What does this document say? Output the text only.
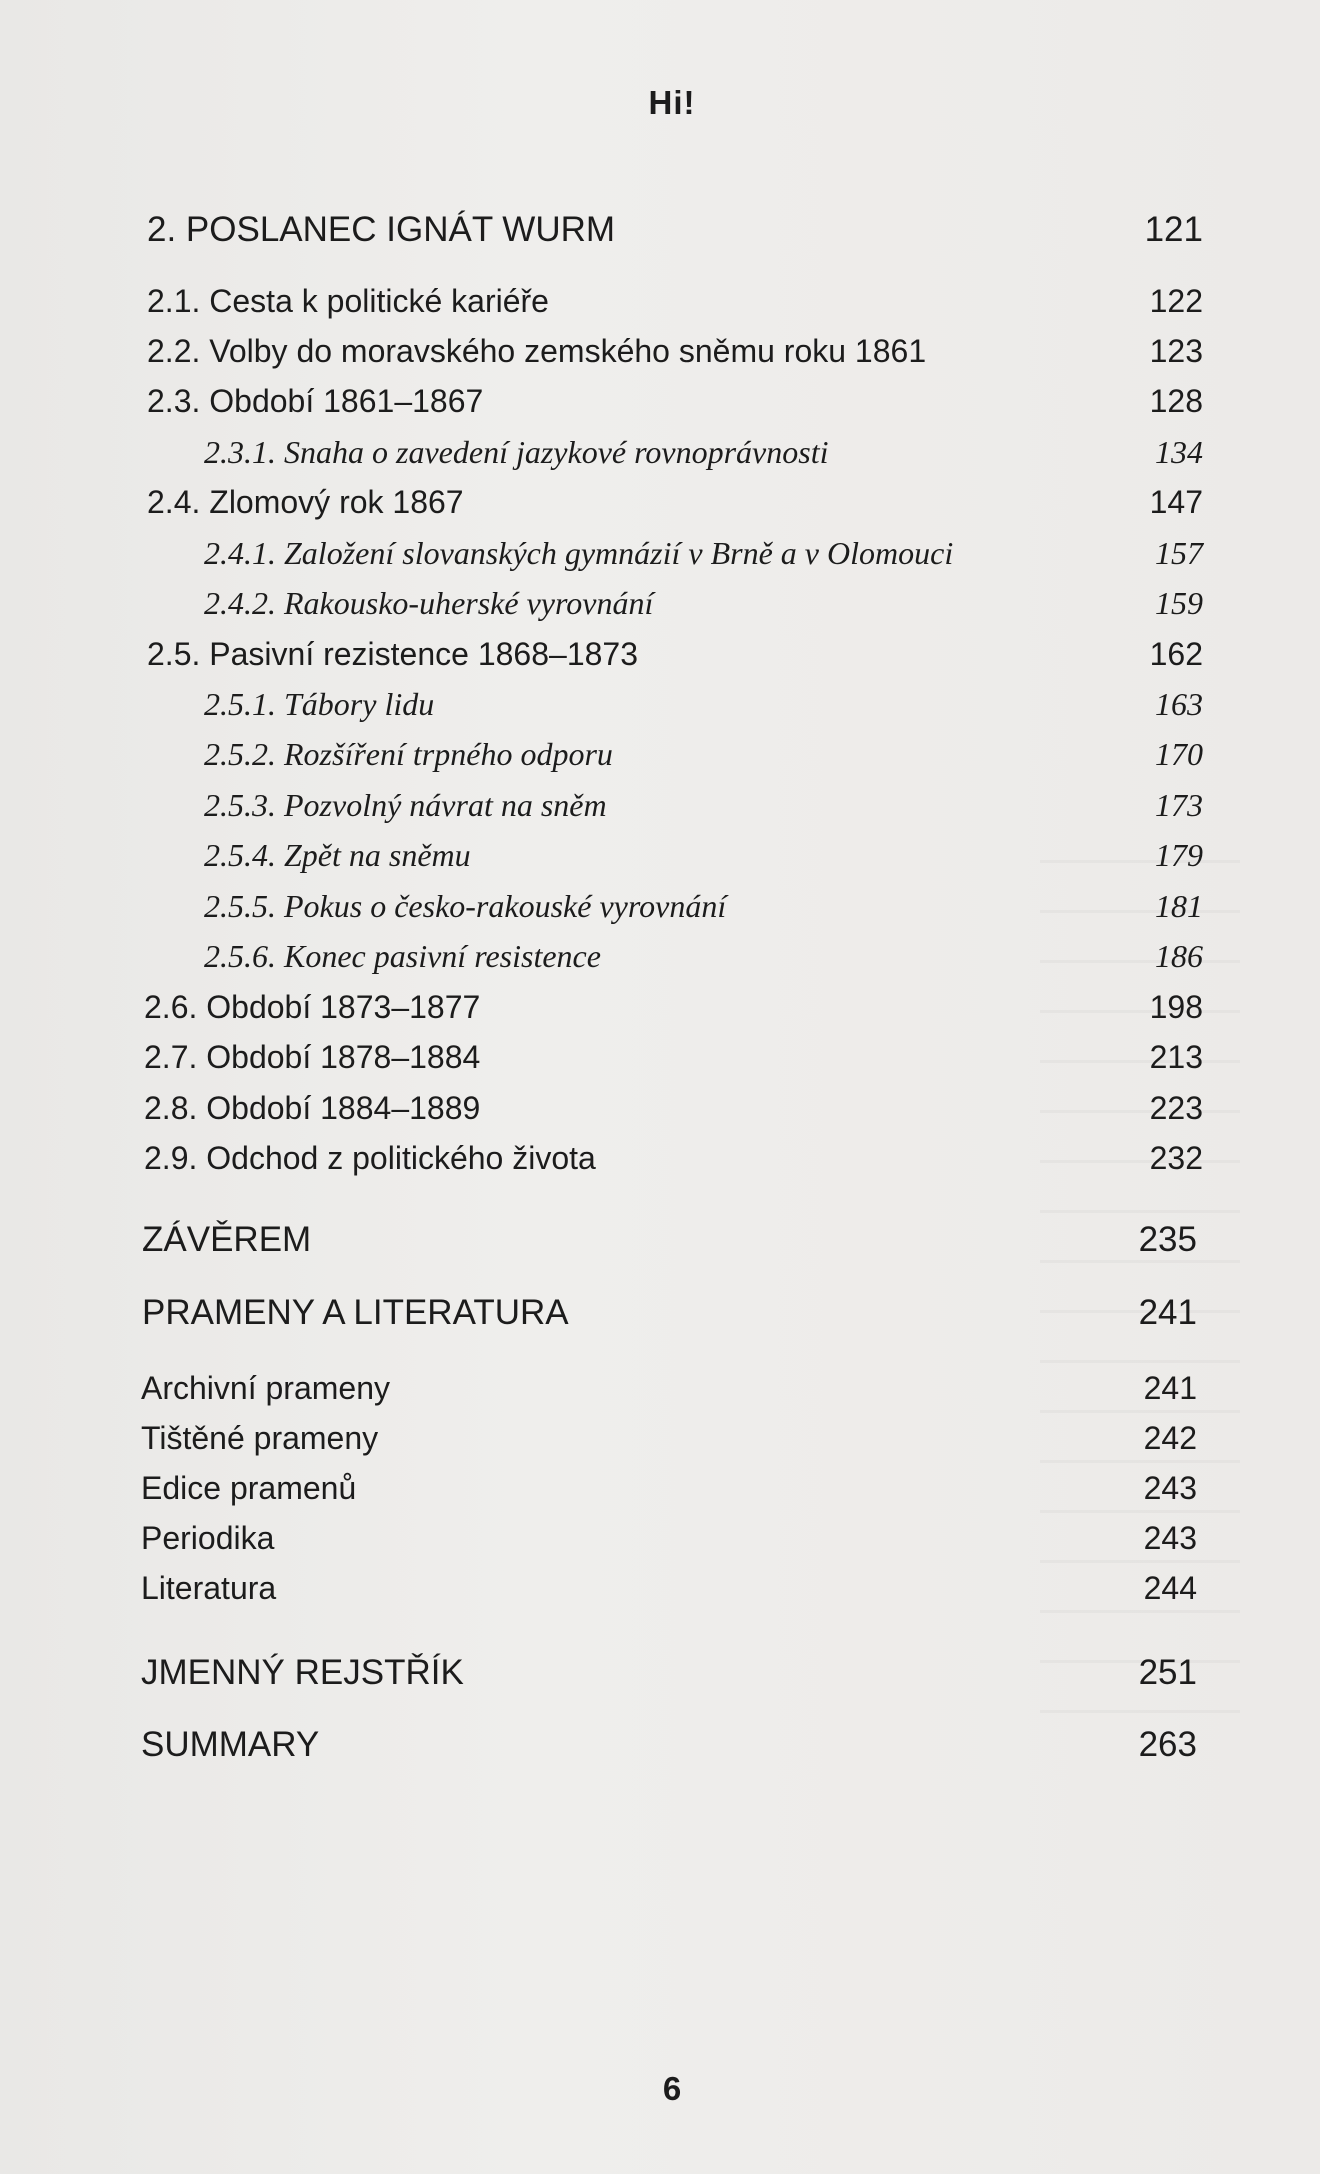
Hi!
2. POSLANEC IGNÁT WURM	121
2.1. Cesta k politické kariéře	122
2.2. Volby do moravského zemského sněmu roku 1861	123
2.3. Období 1861–1867	128
2.3.1. Snaha o zavedení jazykové rovnoprávnosti	134
2.4. Zlomový rok 1867	147
2.4.1. Založení slovanských gymnázií v Brně a v Olomouci	157
2.4.2. Rakousko-uherské vyrovnání	159
2.5. Pasivní rezistence 1868–1873	162
2.5.1. Tábory lidu	163
2.5.2. Rozšíření trpného odporu	170
2.5.3. Pozvolný návrat na sněm	173
2.5.4. Zpět na sněmu	179
2.5.5. Pokus o česko-rakouské vyrovnání	181
2.5.6. Konec pasivní resistence	186
2.6. Období 1873–1877	198
2.7. Období 1878–1884	213
2.8. Období 1884–1889	223
2.9. Odchod z politického života	232
ZÁVĚREM	235
PRAMENY A LITERATURA	241
Archivní prameny	241
Tištěné prameny	242
Edice pramenů	243
Periodika	243
Literatura	244
JMENNÝ REJSTŘÍK	251
SUMMARY	263
6
